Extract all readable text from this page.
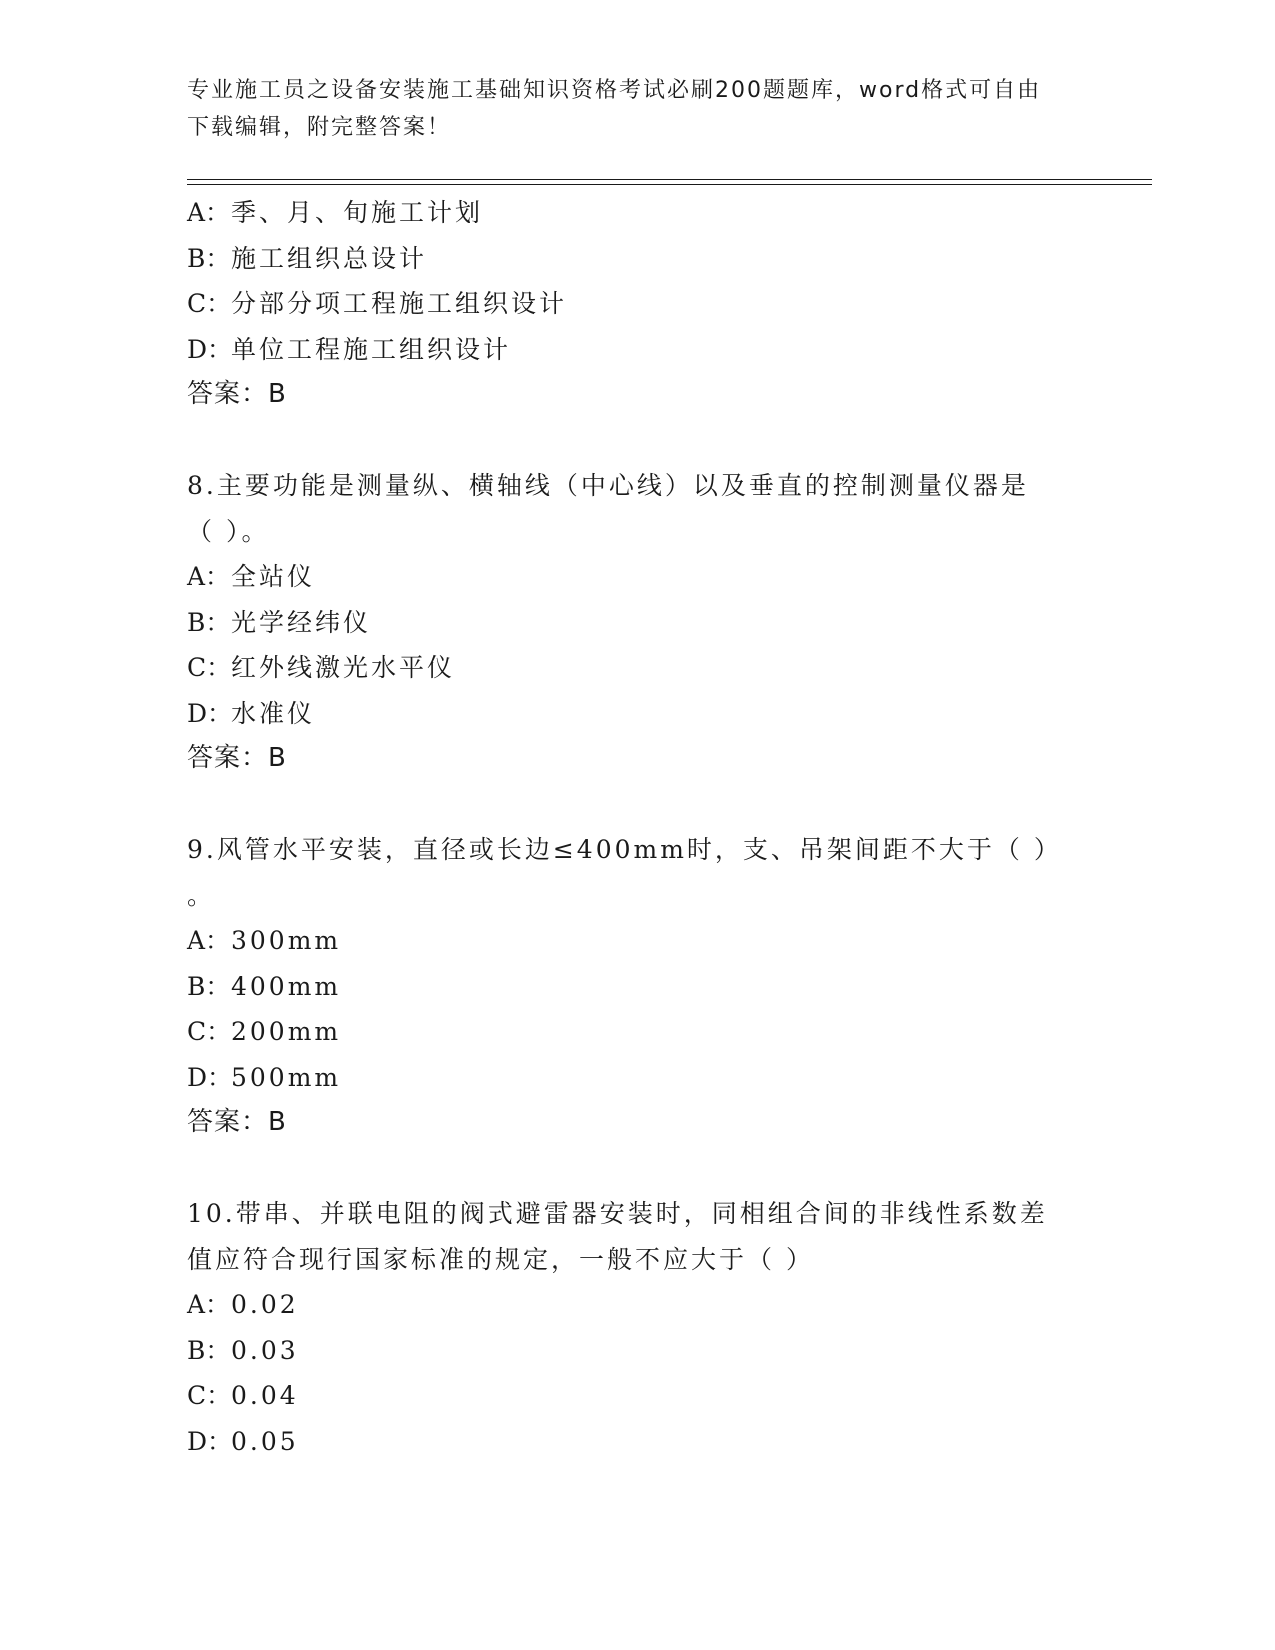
专业施工员之设备安装施工基础知识资格考试必刷200题题库，word格式可自由
下载编辑，附完整答案！
A：季、月、旬施工计划
B：施工组织总设计
C：分部分项工程施工组织设计
D：单位工程施工组织设计
答案：B
8.主要功能是测量纵、横轴线（中心线）以及垂直的控制测量仪器是
（ ）。
A：全站仪
B：光学经纬仪
C：红外线激光水平仪
D：水准仪
答案：B
9.风管水平安装，直径或长边≤400mm时，支、吊架间距不大于（ ）
。
A：300mm
B：400mm
C：200mm
D：500mm
答案：B
10.带串、并联电阻的阀式避雷器安装时，同相组合间的非线性系数差
值应符合现行国家标准的规定，一般不应大于（ ）
A：0.02
B：0.03
C：0.04
D：0.05
